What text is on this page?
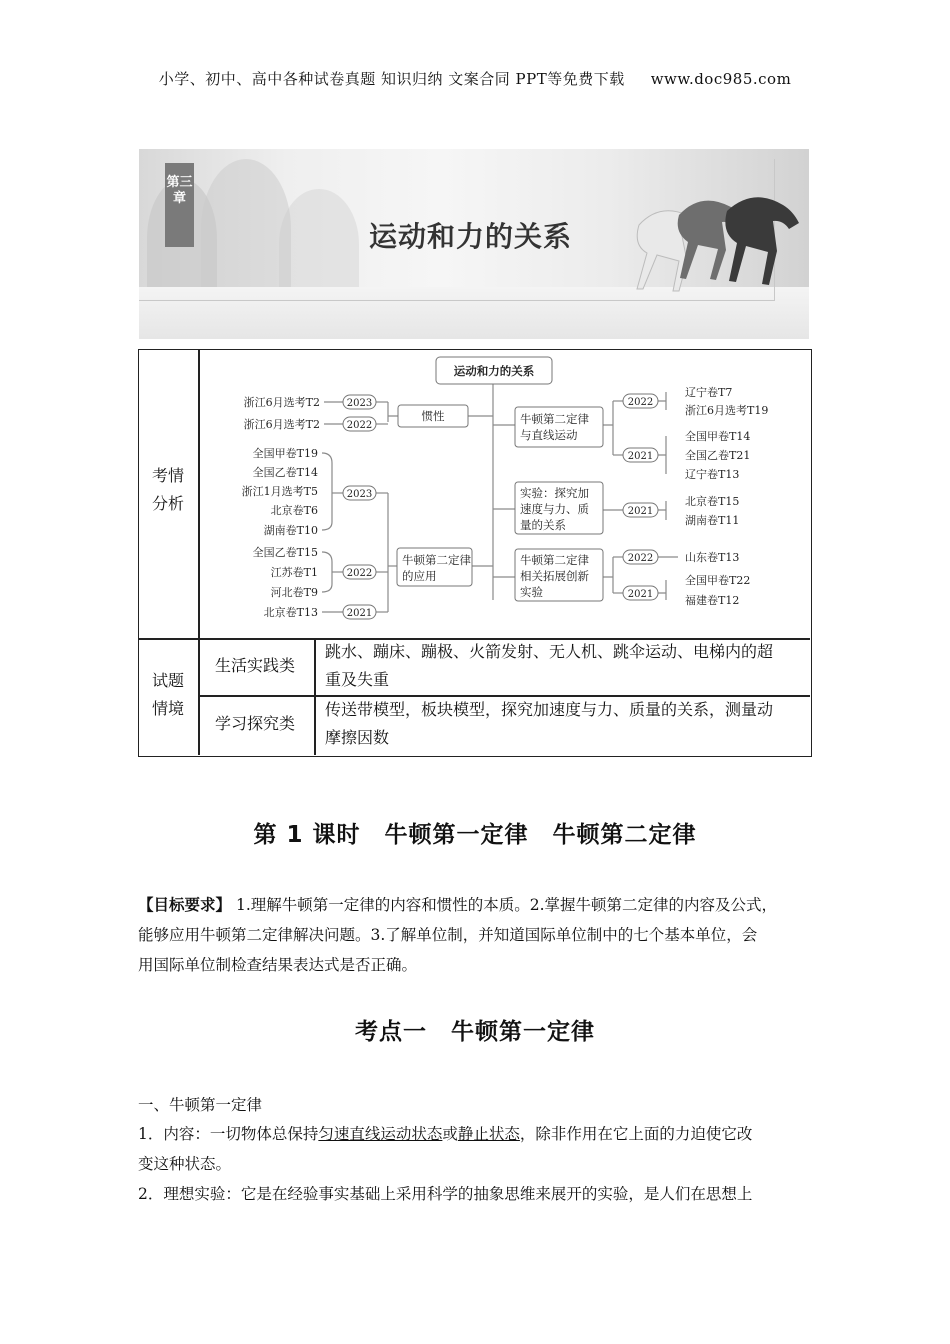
小学、初中、高中各种试卷真题 知识归纳 文案合同 PPT等免费下载 www.doc985.com
第三章
运动和力的关系
考情分析
试题
情境
生活实践类
跳水、蹦床、蹦极、火箭发射、无人机、跳伞运动、电梯内的超
重及失重
学习探究类
传送带模型，板块模型，探究加速度与力、质量的关系，测量动
摩擦因数
运动和力的关系
惯性
牛顿第二定律
的应用
牛顿第二定律
与直线运动
实验：探究加
速度与力、质
量的关系
牛顿第二定律
相关拓展创新
实验
2023
2022
2023
2022
2021
2022
2021
2021
2022
2021
浙江6月选考T2
浙江6月选考T2
全国甲卷T19
全国乙卷T14
浙江1月选考T5
北京卷T6
湖南卷T10
全国乙卷T15
江苏卷T1
河北卷T9
北京卷T13
辽宁卷T7
浙江6月选考T19
全国甲卷T14
全国乙卷T21
辽宁卷T13
北京卷T15
湖南卷T11
山东卷T13
全国甲卷T22
福建卷T12
第 1 课时　牛顿第一定律　牛顿第二定律
【目标要求】 1.理解牛顿第一定律的内容和惯性的本质。2.掌握牛顿第二定律的内容及公式，
能够应用牛顿第二定律解决问题。3.了解单位制，并知道国际单位制中的七个基本单位，会
用国际单位制检查结果表达式是否正确。
考点一　牛顿第一定律
一、牛顿第一定律
1．内容：一切物体总保持匀速直线运动状态或静止状态，除非作用在它上面的力迫使它改
变这种状态。
2．理想实验：它是在经验事实基础上采用科学的抽象思维来展开的实验，是人们在思想上
